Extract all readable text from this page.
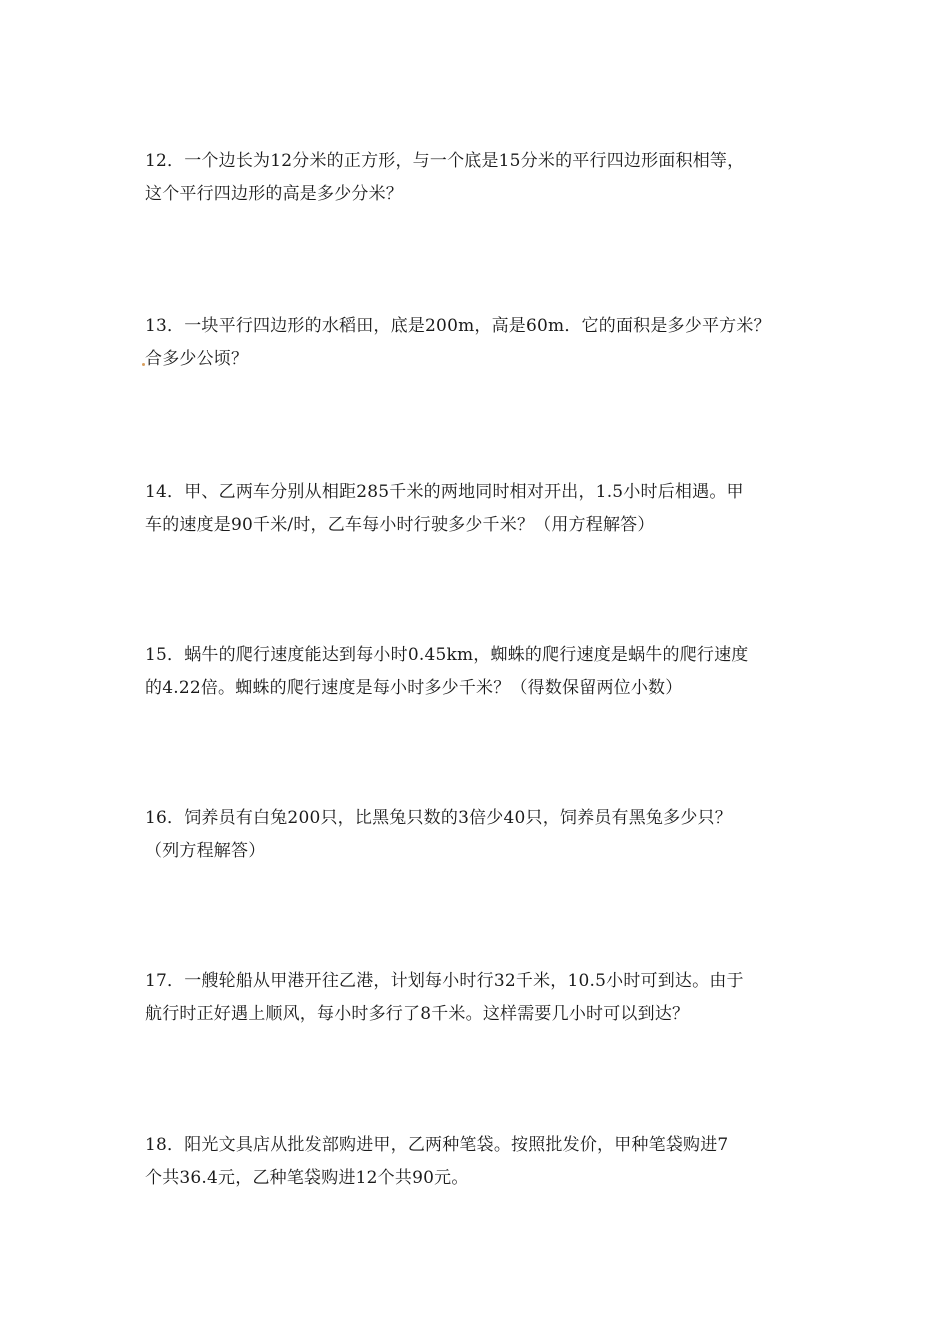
12．一个边长为12分米的正方形，与一个底是15分米的平行四边形面积相等，
这个平行四边形的高是多少分米？
13．一块平行四边形的水稻田，底是200m，高是60m．它的面积是多少平方米？
合多少公顷？
14．甲、乙两车分别从相距285千米的两地同时相对开出，1.5小时后相遇。甲
车的速度是90千米/时，乙车每小时行驶多少千米？（用方程解答）
15．蜗牛的爬行速度能达到每小时0.45km，蜘蛛的爬行速度是蜗牛的爬行速度
的4.22倍。蜘蛛的爬行速度是每小时多少千米？（得数保留两位小数）
16．饲养员有白兔200只，比黑兔只数的3倍少40只，饲养员有黑兔多少只？
（列方程解答）
17．一艘轮船从甲港开往乙港，计划每小时行32千米，10.5小时可到达。由于
航行时正好遇上顺风，每小时多行了8千米。这样需要几小时可以到达？
18．阳光文具店从批发部购进甲，乙两种笔袋。按照批发价，甲种笔袋购进7
个共36.4元，乙种笔袋购进12个共90元。
